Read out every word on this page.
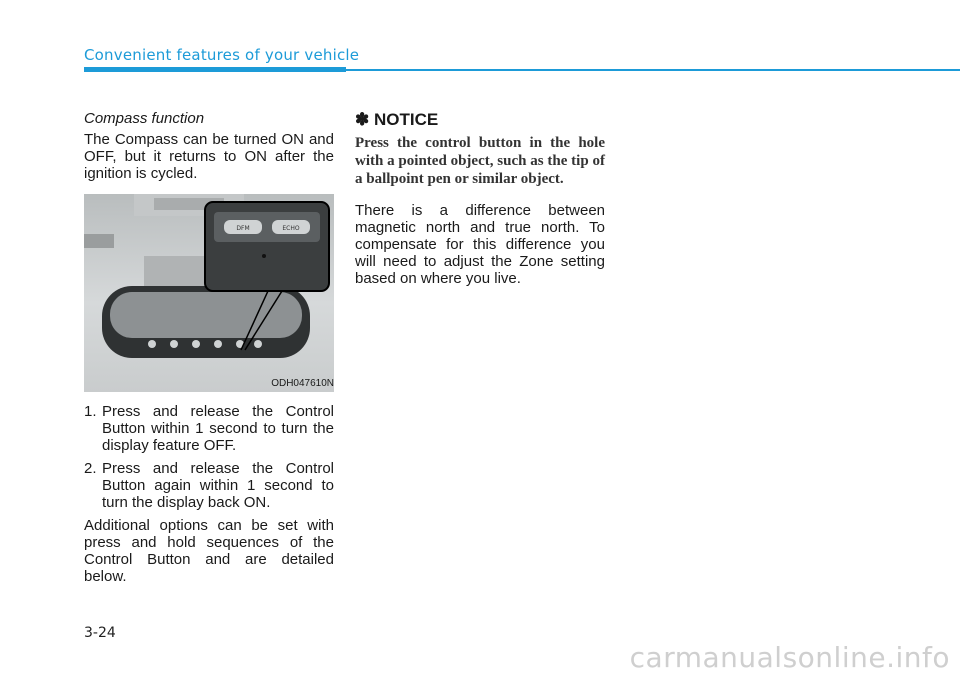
Convenient features of your vehicle

Compass function

The Compass can be turned ON and OFF, but it returns to ON after the ignition is cycled.

DFM	ECHO
ODH047610N
1. Press and release the Control Button within 1 second to turn the display feature OFF.
2. Press and release the Control Button again within 1 second to turn the display back ON.

Additional options can be set with press and hold sequences of the Control Button and are detailed below.

✽ NOTICE

Press the control button in the hole with a pointed object, such as the tip of a ballpoint pen or similar object.

There is a difference between magnetic north and true north. To compensate for this difference you will need to adjust the Zone setting based on where you live.

3-24
carmanualsonline.info
